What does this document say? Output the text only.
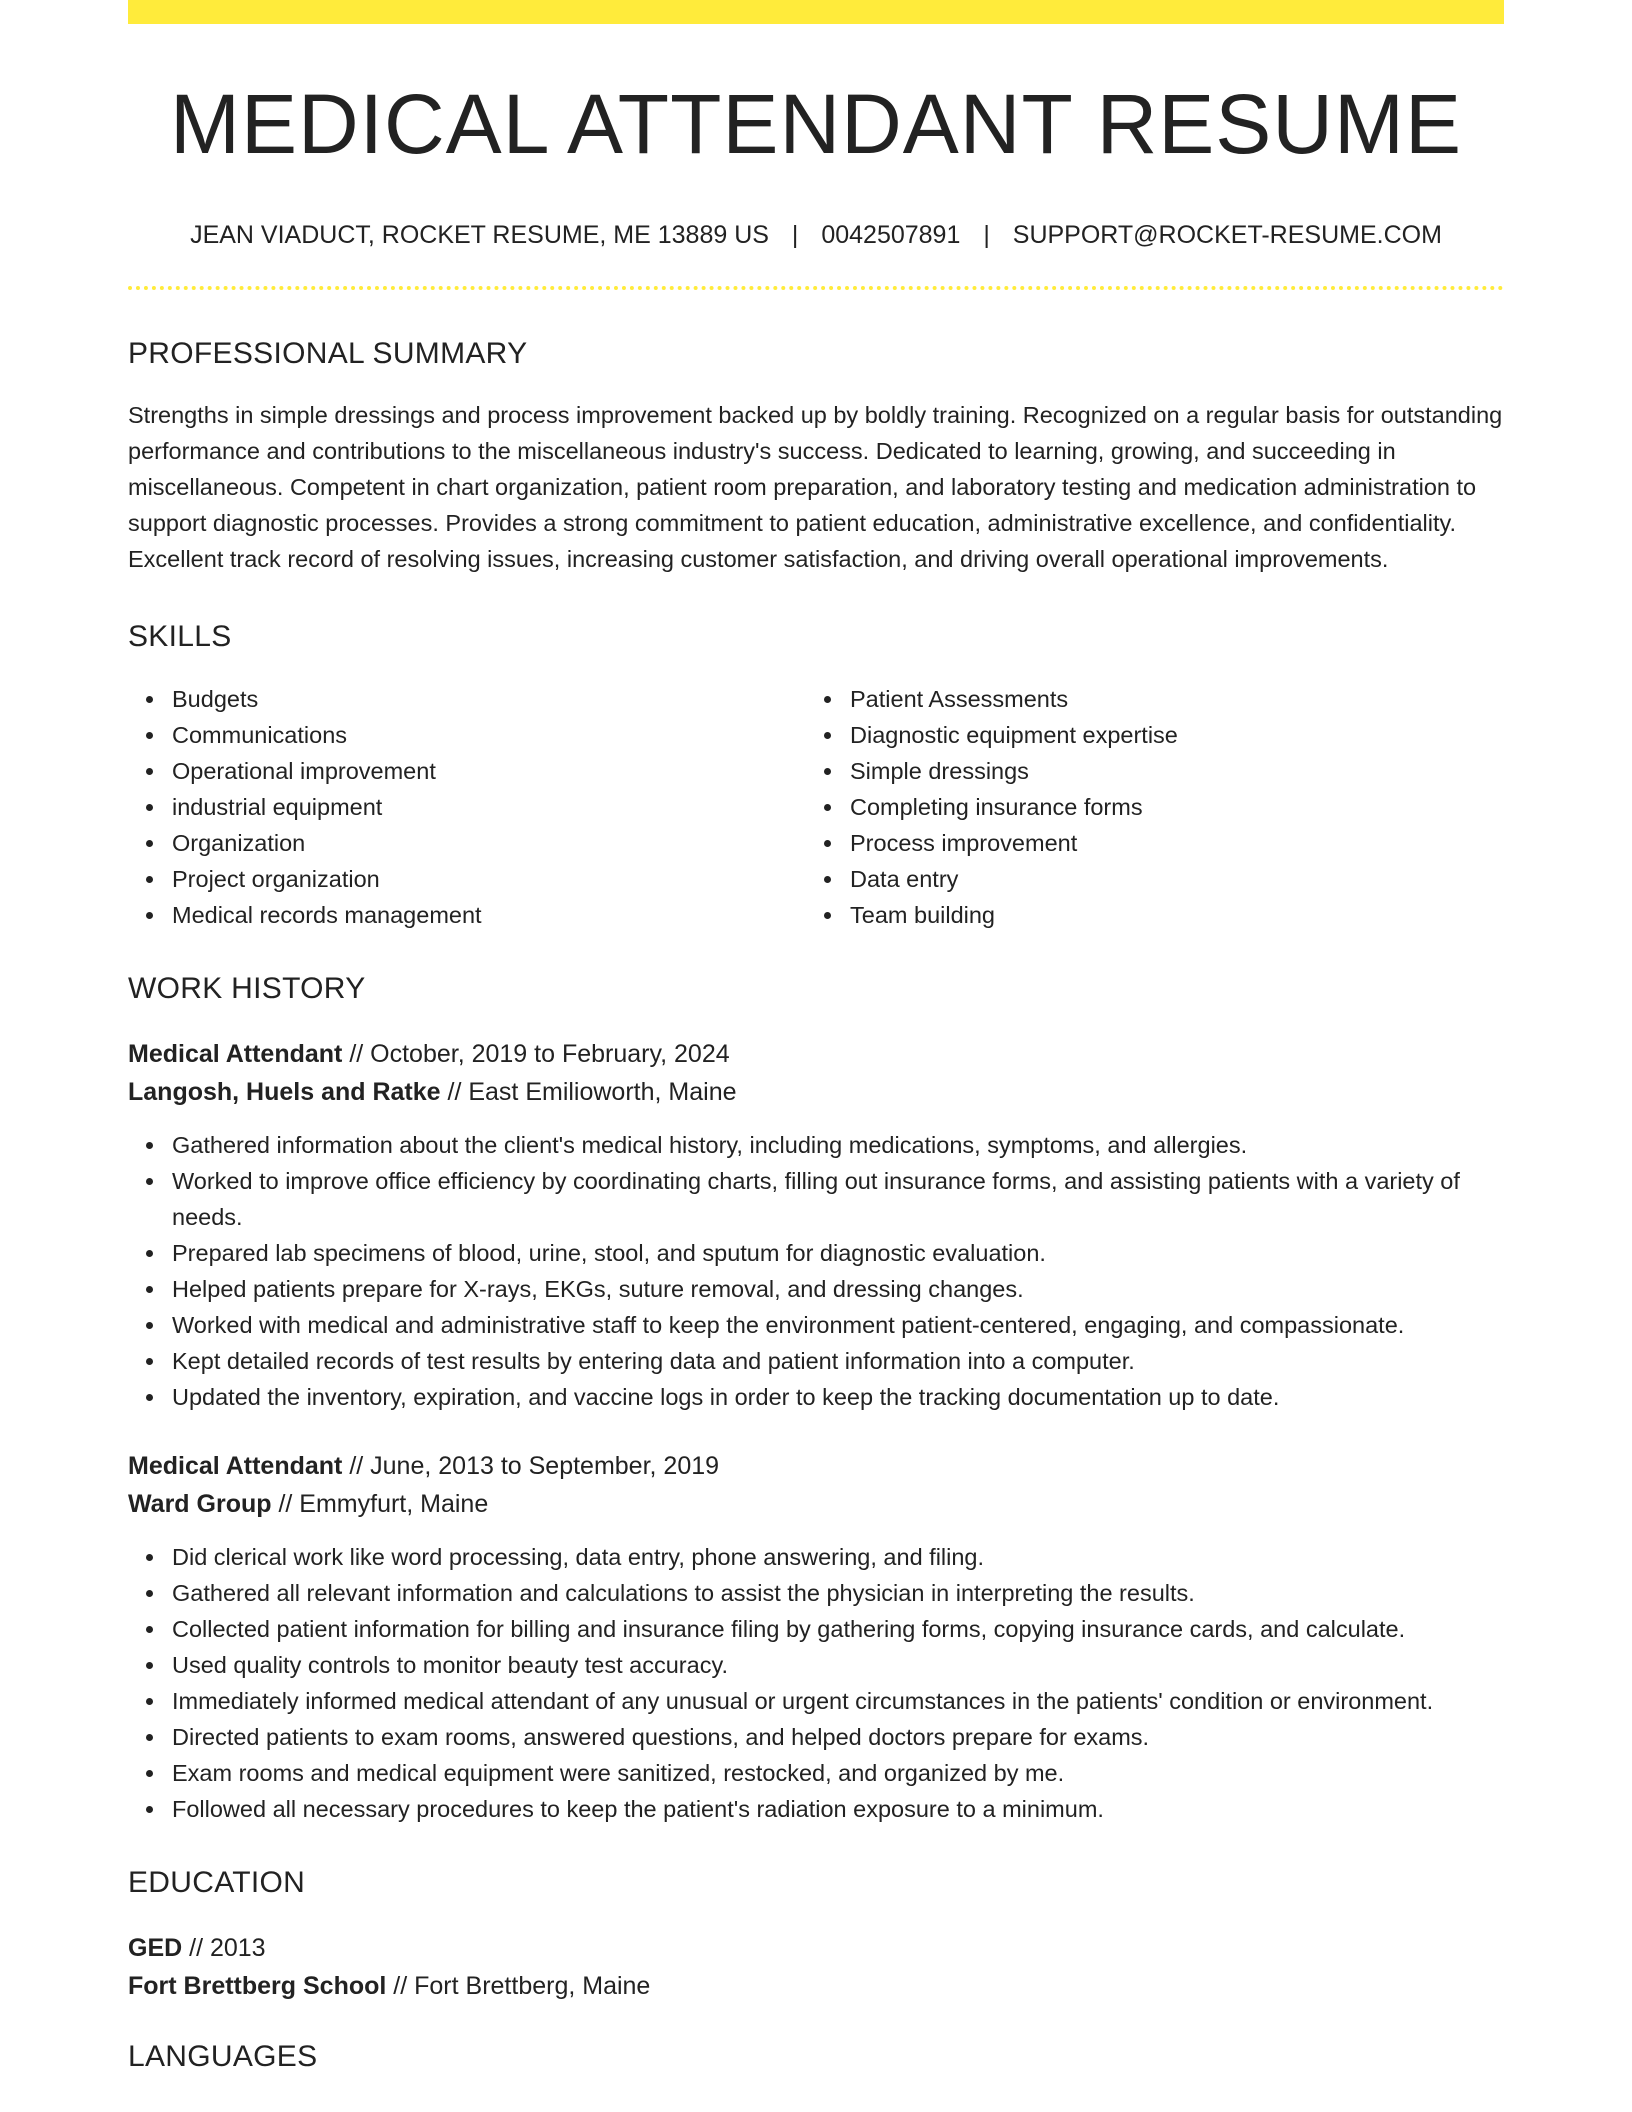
MEDICAL ATTENDANT RESUME
JEAN VIADUCT, ROCKET RESUME, ME 13889 US | 0042507891 | SUPPORT@ROCKET-RESUME.COM
PROFESSIONAL SUMMARY

Strengths in simple dressings and process improvement backed up by boldly training. Recognized on a regular basis for outstanding performance and contributions to the miscellaneous industry's success. Dedicated to learning, growing, and succeeding in miscellaneous. Competent in chart organization, patient room preparation, and laboratory testing and medication administration to support diagnostic processes. Provides a strong commitment to patient education, administrative excellence, and confidentiality. Excellent track record of resolving issues, increasing customer satisfaction, and driving overall operational improvements.

SKILLS
Budgets
Communications
Operational improvement
industrial equipment
Organization
Project organization
Medical records management
Patient Assessments
Diagnostic equipment expertise
Simple dressings
Completing insurance forms
Process improvement
Data entry
Team building
WORK HISTORY
Medical Attendant // October, 2019 to February, 2024
Langosh, Huels and Ratke // East Emilioworth, Maine
Gathered information about the client's medical history, including medications, symptoms, and allergies.
Worked to improve office efficiency by coordinating charts, filling out insurance forms, and assisting patients with a variety of needs.
Prepared lab specimens of blood, urine, stool, and sputum for diagnostic evaluation.
Helped patients prepare for X-rays, EKGs, suture removal, and dressing changes.
Worked with medical and administrative staff to keep the environment patient-centered, engaging, and compassionate.
Kept detailed records of test results by entering data and patient information into a computer.
Updated the inventory, expiration, and vaccine logs in order to keep the tracking documentation up to date.
Medical Attendant // June, 2013 to September, 2019
Ward Group // Emmyfurt, Maine
Did clerical work like word processing, data entry, phone answering, and filing.
Gathered all relevant information and calculations to assist the physician in interpreting the results.
Collected patient information for billing and insurance filing by gathering forms, copying insurance cards, and calculate.
Used quality controls to monitor beauty test accuracy.
Immediately informed medical attendant of any unusual or urgent circumstances in the patients' condition or environment.
Directed patients to exam rooms, answered questions, and helped doctors prepare for exams.
Exam rooms and medical equipment were sanitized, restocked, and organized by me.
Followed all necessary procedures to keep the patient's radiation exposure to a minimum.
EDUCATION
GED // 2013
Fort Brettberg School // Fort Brettberg, Maine
LANGUAGES
